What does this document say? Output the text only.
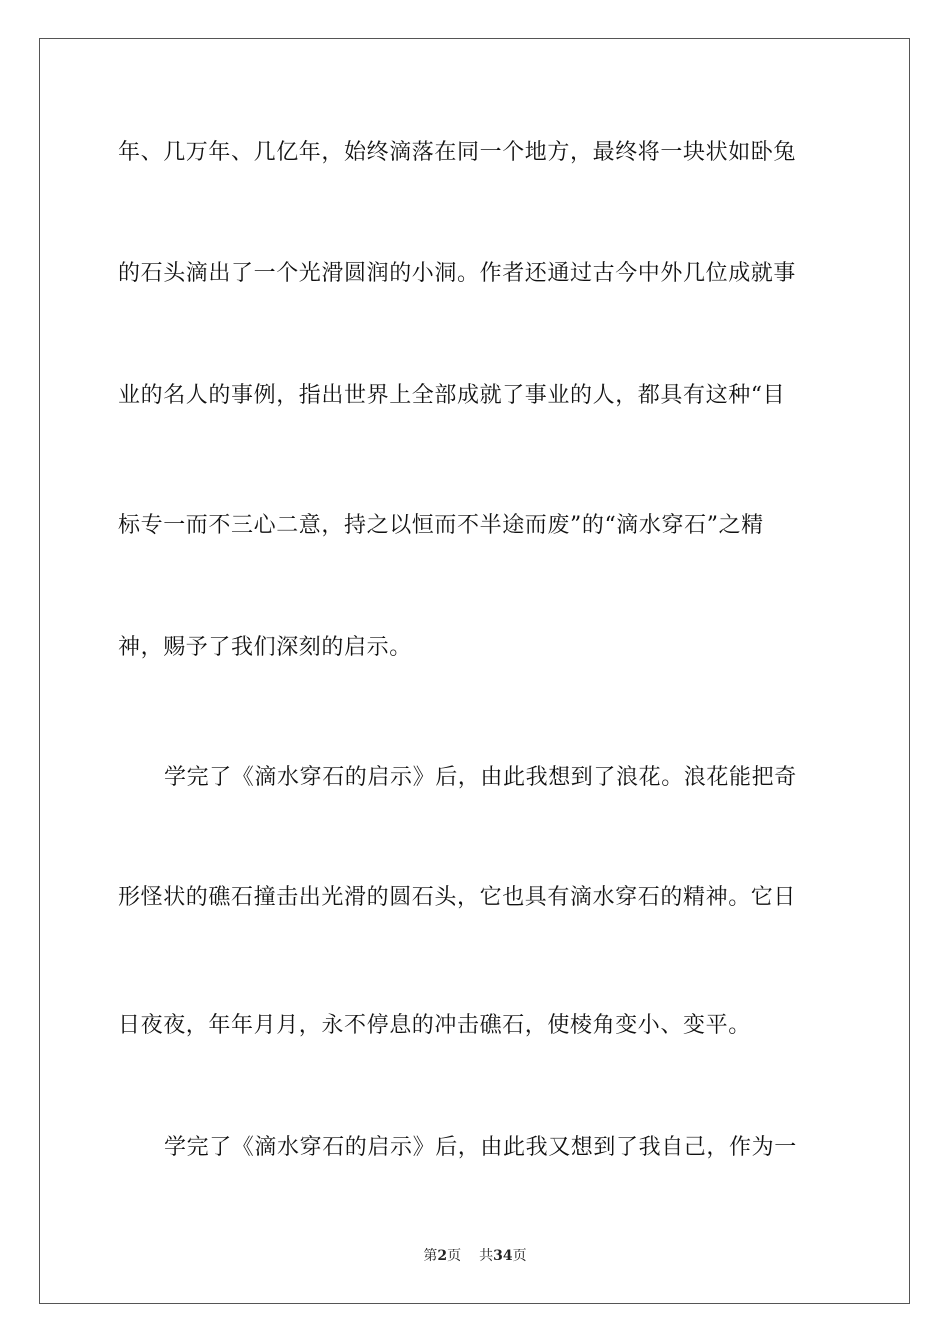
年、几万年、几亿年，始终滴落在同一个地方，最终将一块状如卧兔
的石头滴出了一个光滑圆润的小洞。作者还通过古今中外几位成就事
业的名人的事例，指出世界上全部成就了事业的人，都具有这种“目
标专一而不三心二意，持之以恒而不半途而废”的“滴水穿石”之精
神，赐予了我们深刻的启示。
学完了《滴水穿石的启示》后，由此我想到了浪花。浪花能把奇
形怪状的礁石撞击出光滑的圆石头，它也具有滴水穿石的精神。它日
日夜夜，年年月月，永不停息的冲击礁石，使棱角变小、变平。
学完了《滴水穿石的启示》后，由此我又想到了我自己，作为一
第2页 共34页
